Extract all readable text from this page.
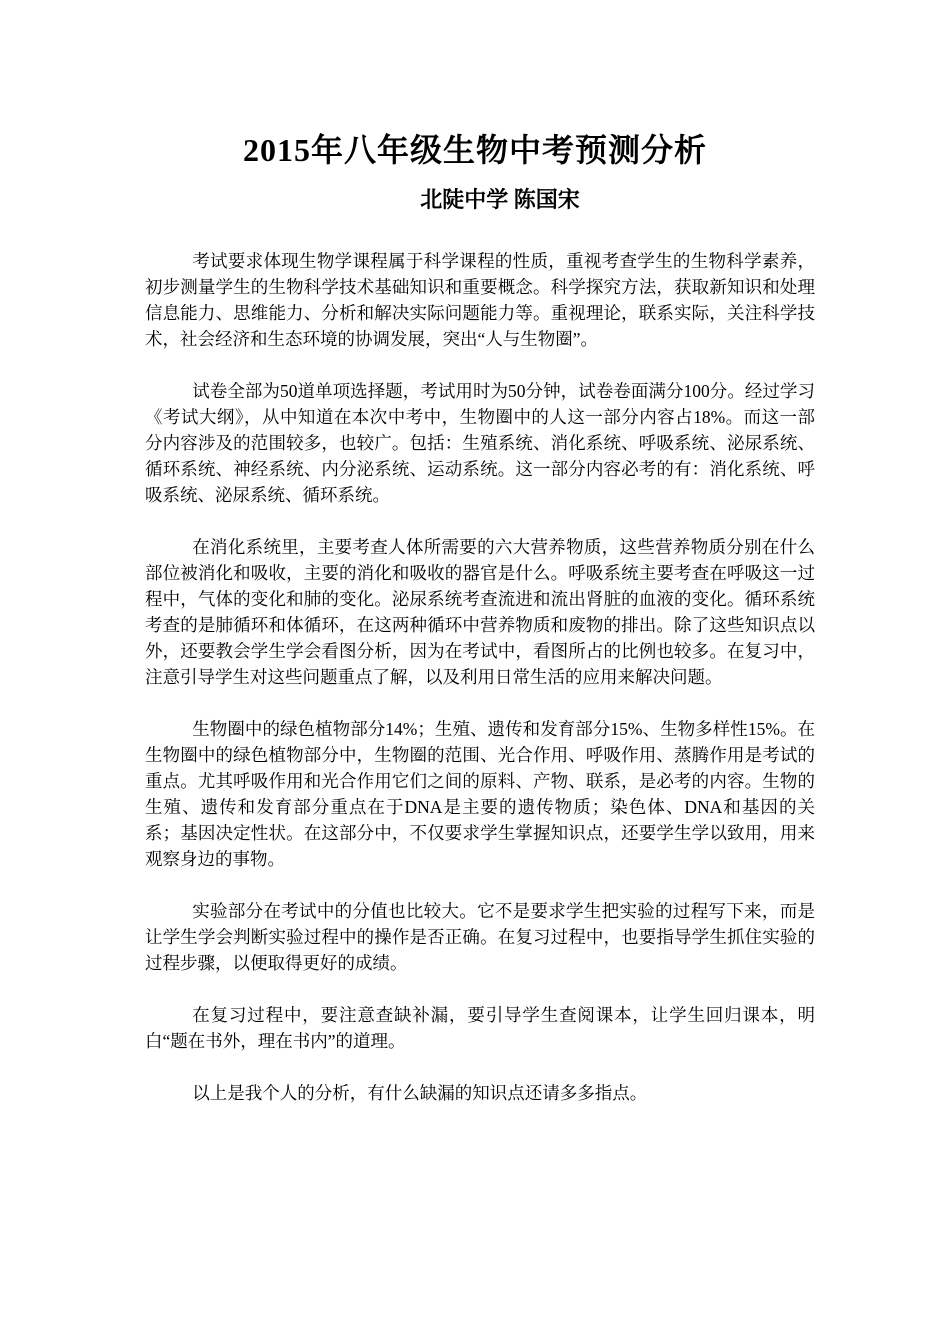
2015年八年级生物中考预测分析
北陡中学 陈国宋

考试要求体现生物学课程属于科学课程的性质，重视考查学生的生物科学素养，初步测量学生的生物科学技术基础知识和重要概念。科学探究方法，获取新知识和处理信息能力、思维能力、分析和解决实际问题能力等。重视理论，联系实际，关注科学技术，社会经济和生态环境的协调发展，突出“人与生物圈”。

试卷全部为50道单项选择题，考试用时为50分钟，试卷卷面满分100分。经过学习《考试大纲》，从中知道在本次中考中，生物圈中的人这一部分内容占18%。而这一部分内容涉及的范围较多，也较广。包括：生殖系统、消化系统、呼吸系统、泌尿系统、循环系统、神经系统、内分泌系统、运动系统。这一部分内容必考的有：消化系统、呼吸系统、泌尿系统、循环系统。

在消化系统里，主要考查人体所需要的六大营养物质，这些营养物质分别在什么部位被消化和吸收，主要的消化和吸收的器官是什么。呼吸系统主要考查在呼吸这一过程中，气体的变化和肺的变化。泌尿系统考查流进和流出肾脏的血液的变化。循环系统考查的是肺循环和体循环，在这两种循环中营养物质和废物的排出。除了这些知识点以外，还要教会学生学会看图分析，因为在考试中，看图所占的比例也较多。在复习中，注意引导学生对这些问题重点了解，以及利用日常生活的应用来解决问题。

生物圈中的绿色植物部分14%；生殖、遗传和发育部分15%、生物多样性15%。在生物圈中的绿色植物部分中，生物圈的范围、光合作用、呼吸作用、蒸腾作用是考试的重点。尤其呼吸作用和光合作用它们之间的原料、产物、联系，是必考的内容。生物的生殖、遗传和发育部分重点在于DNA是主要的遗传物质；染色体、DNA和基因的关系；基因决定性状。在这部分中，不仅要求学生掌握知识点，还要学生学以致用，用来观察身边的事物。

实验部分在考试中的分值也比较大。它不是要求学生把实验的过程写下来，而是让学生学会判断实验过程中的操作是否正确。在复习过程中，也要指导学生抓住实验的过程步骤，以便取得更好的成绩。

在复习过程中，要注意查缺补漏，要引导学生查阅课本，让学生回归课本，明白“题在书外，理在书内”的道理。

以上是我个人的分析，有什么缺漏的知识点还请多多指点。
